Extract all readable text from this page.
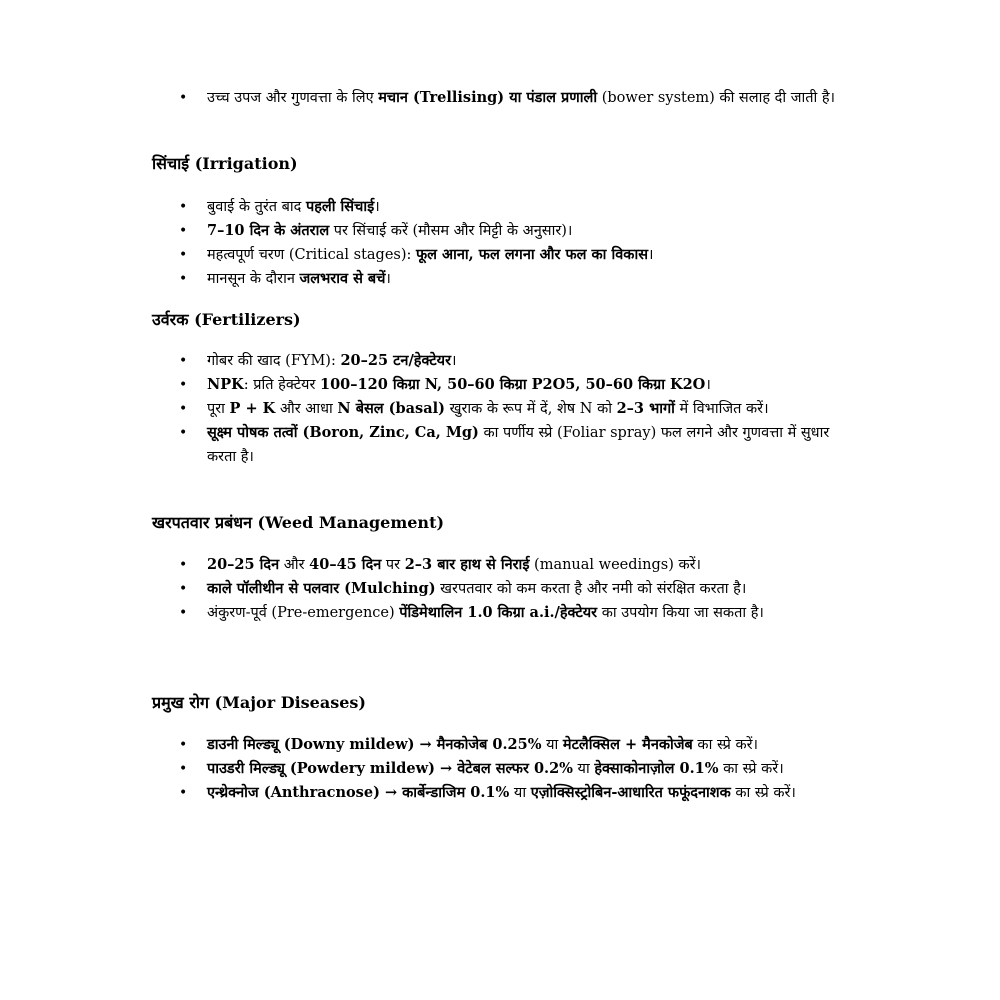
• उच्च उपज और गुणवत्ता के लिए मचान (Trellising) या पंडाल प्रणाली (bower system) की सलाह दी जाती है।
सिंचाई (Irrigation)
• बुवाई के तुरंत बाद पहली सिंचाई।
• 7–10 दिन के अंतराल पर सिंचाई करें (मौसम और मिट्टी के अनुसार)।
• महत्वपूर्ण चरण (Critical stages): फूल आना, फल लगना और फल का विकास।
• मानसून के दौरान जलभराव से बचें।
उर्वरक (Fertilizers)
• गोबर की खाद (FYM): 20–25 टन/हेक्टेयर।
• NPK: प्रति हेक्टेयर 100–120 किग्रा N, 50–60 किग्रा P2O5, 50–60 किग्रा K2O।
• पूरा P + K और आधा N बेसल (basal) खुराक के रूप में दें, शेष N को 2–3 भागों में विभाजित करें।
• सूक्ष्म पोषक तत्वों (Boron, Zinc, Ca, Mg) का पर्णीय स्प्रे (Foliar spray) फल लगने और गुणवत्ता में सुधार करता है।
खरपतवार प्रबंधन (Weed Management)
• 20–25 दिन और 40–45 दिन पर 2–3 बार हाथ से निराई (manual weedings) करें।
• काले पॉलीथीन से पलवार (Mulching) खरपतवार को कम करता है और नमी को संरक्षित करता है।
• अंकुरण-पूर्व (Pre-emergence) पेंडिमेथालिन 1.0 किग्रा a.i./हेक्टेयर का उपयोग किया जा सकता है।
प्रमुख रोग (Major Diseases)
• डाउनी मिल्ड्यू (Downy mildew) → मैनकोजेब 0.25% या मेटलैक्सिल + मैनकोजेब का स्प्रे करें।
• पाउडरी मिल्ड्यू (Powdery mildew) → वेटेबल सल्फर 0.2% या हेक्साकोनाज़ोल 0.1% का स्प्रे करें।
• एन्थ्रेक्नोज (Anthracnose) → कार्बेन्डाजिम 0.1% या एज़ोक्सिस्ट्रोबिन-आधारित फफूंदनाशक का स्प्रे करें।
